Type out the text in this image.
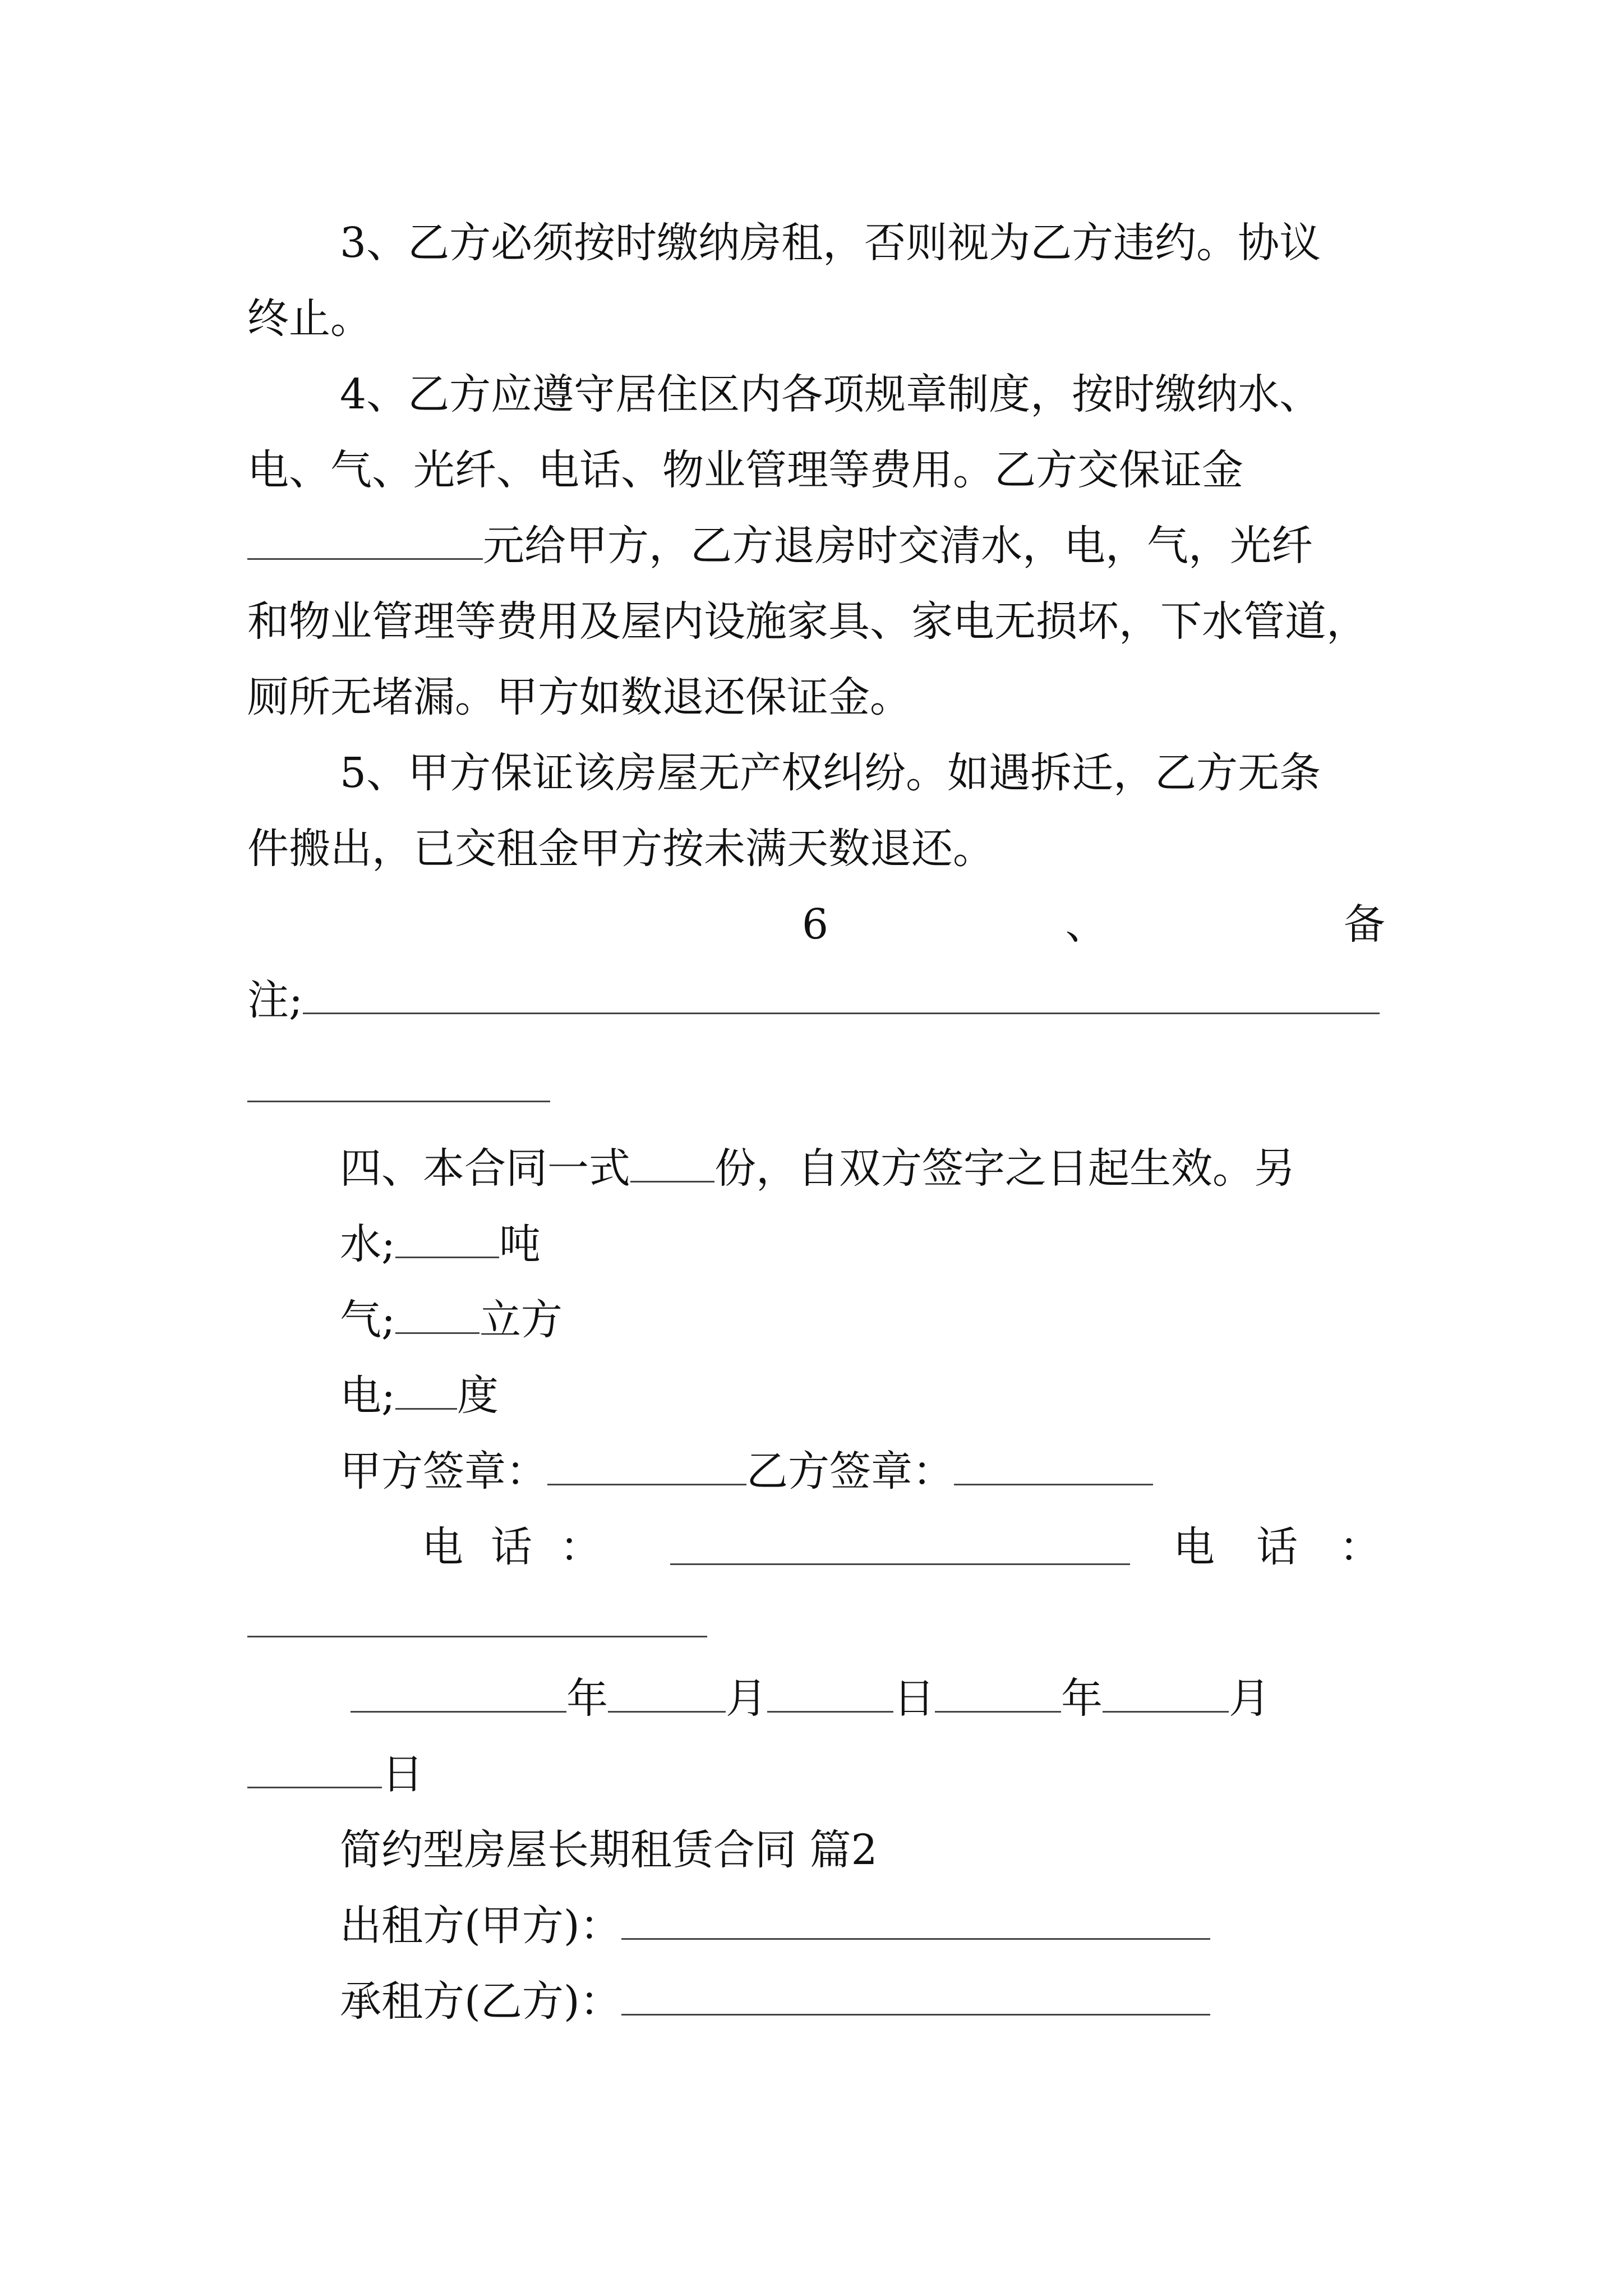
3、乙方必须按时缴纳房租，否则视为乙方违约。协议
终止。
4、乙方应遵守居住区内各项规章制度，按时缴纳水、
电、气、光纤、电话、物业管理等费用。乙方交保证金
元给甲方，乙方退房时交清水，电，气，光纤
和物业管理等费用及屋内设施家具、家电无损坏，下水管道，
厕所无堵漏。甲方如数退还保证金。
5、甲方保证该房屋无产权纠纷。如遇拆迁，乙方无条
件搬出，已交租金甲方按未满天数退还。
6	、	备
注;
四、本合同一式 份，自双方签字之日起生效。另
水;	吨
气; 立方
电; 度
甲方签章：	乙方签章：
电 话 ：	电 话 ：
年	月	日	年	月
日
简约型房屋长期租赁合同 篇2
出租方(甲方)：
承租方(乙方)：
